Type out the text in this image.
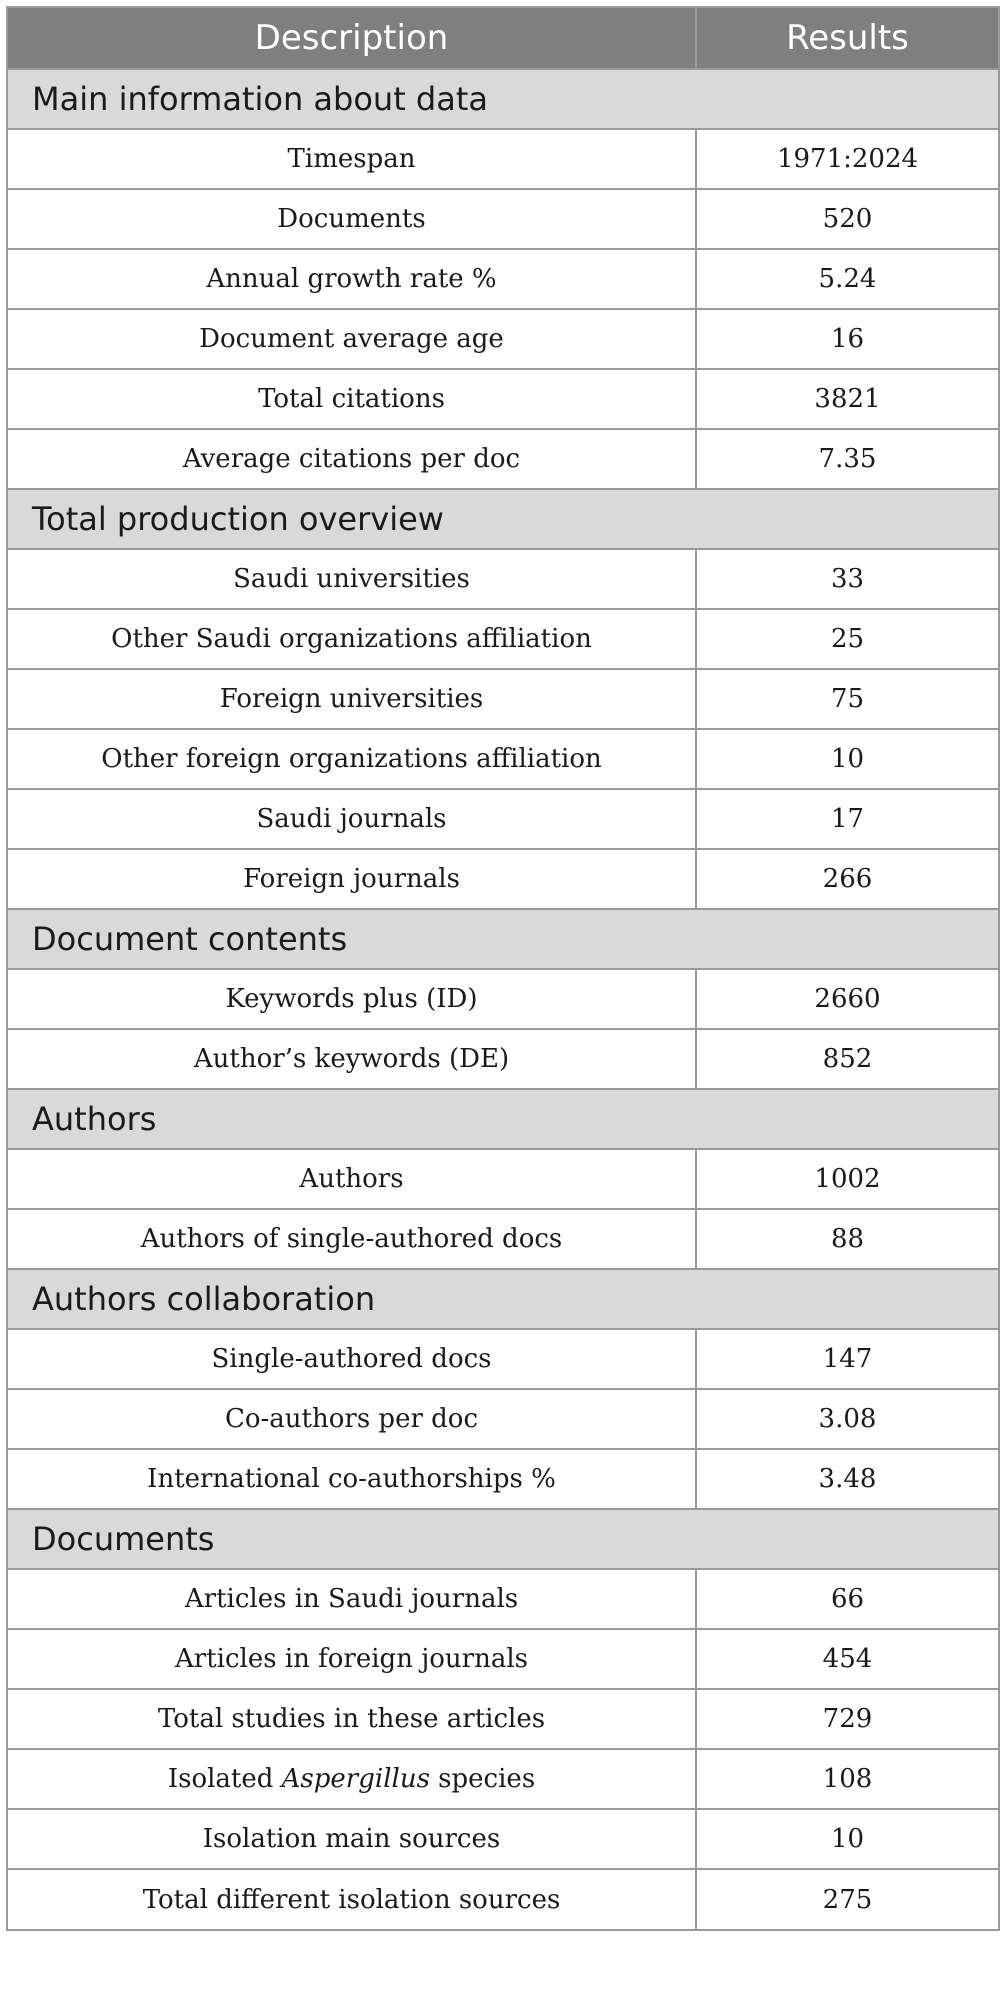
Description	Results
Main information about data	
Timespan	1971:2024
Documents	520
Annual growth rate %	5.24
Document average age	16
Total citations	3821
Average citations per doc	7.35
Total production overview	
Saudi universities	33
Other Saudi organizations affiliation	25
Foreign universities	75
Other foreign organizations affiliation	10
Saudi journals	17
Foreign journals	266
Document contents	
Keywords plus (ID)	2660
Author’s keywords (DE)	852
Authors	
Authors	1002
Authors of single-authored docs	88
Authors collaboration	
Single-authored docs	147
Co-authors per doc	3.08
International co-authorships %	3.48
Documents	
Articles in Saudi journals	66
Articles in foreign journals	454
Total studies in these articles	729
Isolated Aspergillus species	108
Isolation main sources	10
Total different isolation sources	275
